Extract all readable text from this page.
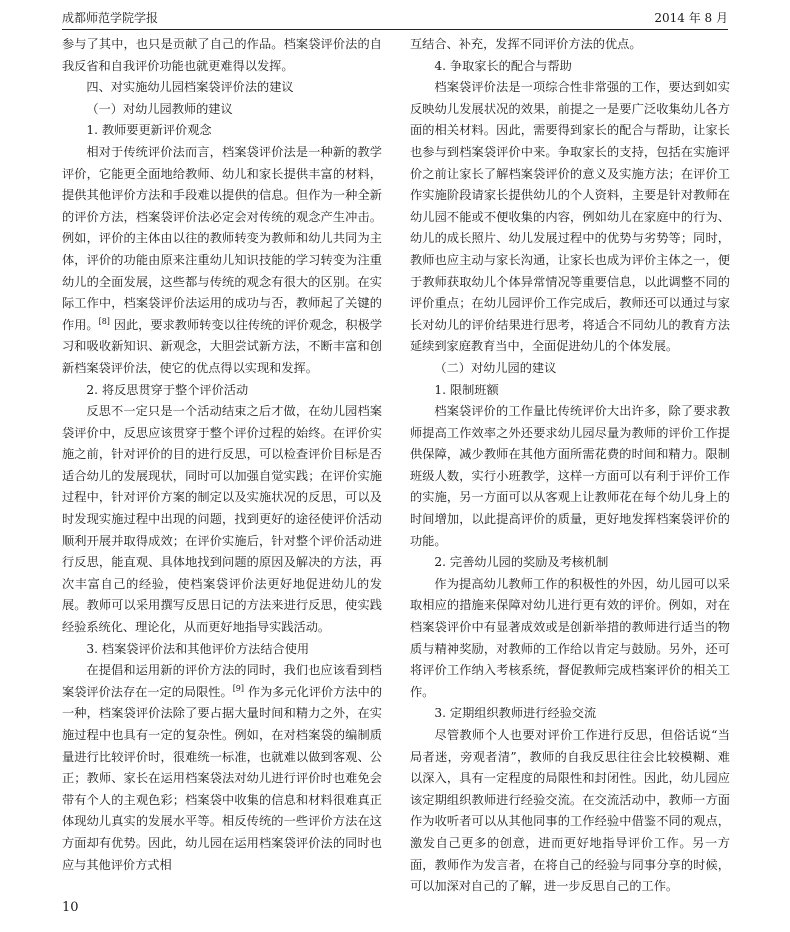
成都师范学院学报	2014 年 8 月

参与了其中，也只是贡献了自己的作品。档案袋评价法的自我反省和自我评价功能也就更难得以发挥。

四、对实施幼儿园档案袋评价法的建议

（一）对幼儿园教师的建议

1. 教师要更新评价观念

相对于传统评价法而言，档案袋评价法是一种新的教学评价，它能更全面地给教师、幼儿和家长提供丰富的材料，提供其他评价方法和手段难以提供的信息。但作为一种全新的评价方法，档案袋评价法必定会对传统的观念产生冲击。例如，评价的主体由以往的教师转变为教师和幼儿共同为主体，评价的功能由原来注重幼儿知识技能的学习转变为注重幼儿的全面发展，这些都与传统的观念有很大的区别。在实际工作中，档案袋评价法运用的成功与否，教师起了关键的作用。[8] 因此，要求教师转变以往传统的评价观念，积极学习和吸收新知识、新观念，大胆尝试新方法，不断丰富和创新档案袋评价法，使它的优点得以实现和发挥。

2. 将反思贯穿于整个评价活动

反思不一定只是一个活动结束之后才做，在幼儿园档案袋评价中，反思应该贯穿于整个评价过程的始终。在评价实施之前，针对评价的目的进行反思，可以检查评价目标是否适合幼儿的发展现状，同时可以加强自觉实践；在评价实施过程中，针对评价方案的制定以及实施状况的反思，可以及时发现实施过程中出现的问题，找到更好的途径使评价活动顺利开展并取得成效；在评价实施后，针对整个评价活动进行反思，能直观、具体地找到问题的原因及解决的方法，再次丰富自己的经验，使档案袋评价法更好地促进幼儿的发展。教师可以采用撰写反思日记的方法来进行反思，使实践经验系统化、理论化，从而更好地指导实践活动。

3. 档案袋评价法和其他评价方法结合使用

在提倡和运用新的评价方法的同时，我们也应该看到档案袋评价法存在一定的局限性。[9] 作为多元化评价方法中的一种，档案袋评价法除了要占据大量时间和精力之外，在实施过程中也具有一定的复杂性。例如，在对档案袋的编制质量进行比较评价时，很难统一标准，也就难以做到客观、公正；教师、家长在运用档案袋法对幼儿进行评价时也难免会带有个人的主观色彩；档案袋中收集的信息和材料很难真正体现幼儿真实的发展水平等。相反传统的一些评价方法在这方面却有优势。因此，幼儿园在运用档案袋评价法的同时也应与其他评价方式相

互结合、补充，发挥不同评价方法的优点。

4. 争取家长的配合与帮助

档案袋评价法是一项综合性非常强的工作，要达到如实反映幼儿发展状况的效果，前提之一是要广泛收集幼儿各方面的相关材料。因此，需要得到家长的配合与帮助，让家长也参与到档案袋评价中来。争取家长的支持，包括在实施评价之前让家长了解档案袋评价的意义及实施方法；在评价工作实施阶段请家长提供幼儿的个人资料，主要是针对教师在幼儿园不能或不便收集的内容，例如幼儿在家庭中的行为、幼儿的成长照片、幼儿发展过程中的优势与劣势等；同时，教师也应主动与家长沟通，让家长也成为评价主体之一，便于教师获取幼儿个体异常情况等重要信息，以此调整不同的评价重点；在幼儿园评价工作完成后，教师还可以通过与家长对幼儿的评价结果进行思考，将适合不同幼儿的教育方法延续到家庭教育当中，全面促进幼儿的个体发展。

（二）对幼儿园的建议

1. 限制班额

档案袋评价的工作量比传统评价大出许多，除了要求教师提高工作效率之外还要求幼儿园尽量为教师的评价工作提供保障，减少教师在其他方面所需花费的时间和精力。限制班级人数，实行小班教学，这样一方面可以有利于评价工作的实施，另一方面可以从客观上让教师花在每个幼儿身上的时间增加，以此提高评价的质量，更好地发挥档案袋评价的功能。

2. 完善幼儿园的奖励及考核机制

作为提高幼儿教师工作的积极性的外因，幼儿园可以采取相应的措施来保障对幼儿进行更有效的评价。例如，对在档案袋评价中有显著成效或是创新举措的教师进行适当的物质与精神奖励，对教师的工作给以肯定与鼓励。另外，还可将评价工作纳入考核系统，督促教师完成档案评价的相关工作。

3. 定期组织教师进行经验交流

尽管教师个人也要对评价工作进行反思，但俗话说“当局者迷，旁观者清”，教师的自我反思往往会比较模糊、难以深入，具有一定程度的局限性和封闭性。因此，幼儿园应该定期组织教师进行经验交流。在交流活动中，教师一方面作为收听者可以从其他同事的工作经验中借鉴不同的观点，激发自己更多的创意，进而更好地指导评价工作。另一方面，教师作为发言者，在将自己的经验与同事分享的时候，可以加深对自己的了解，进一步反思自己的工作。

10
